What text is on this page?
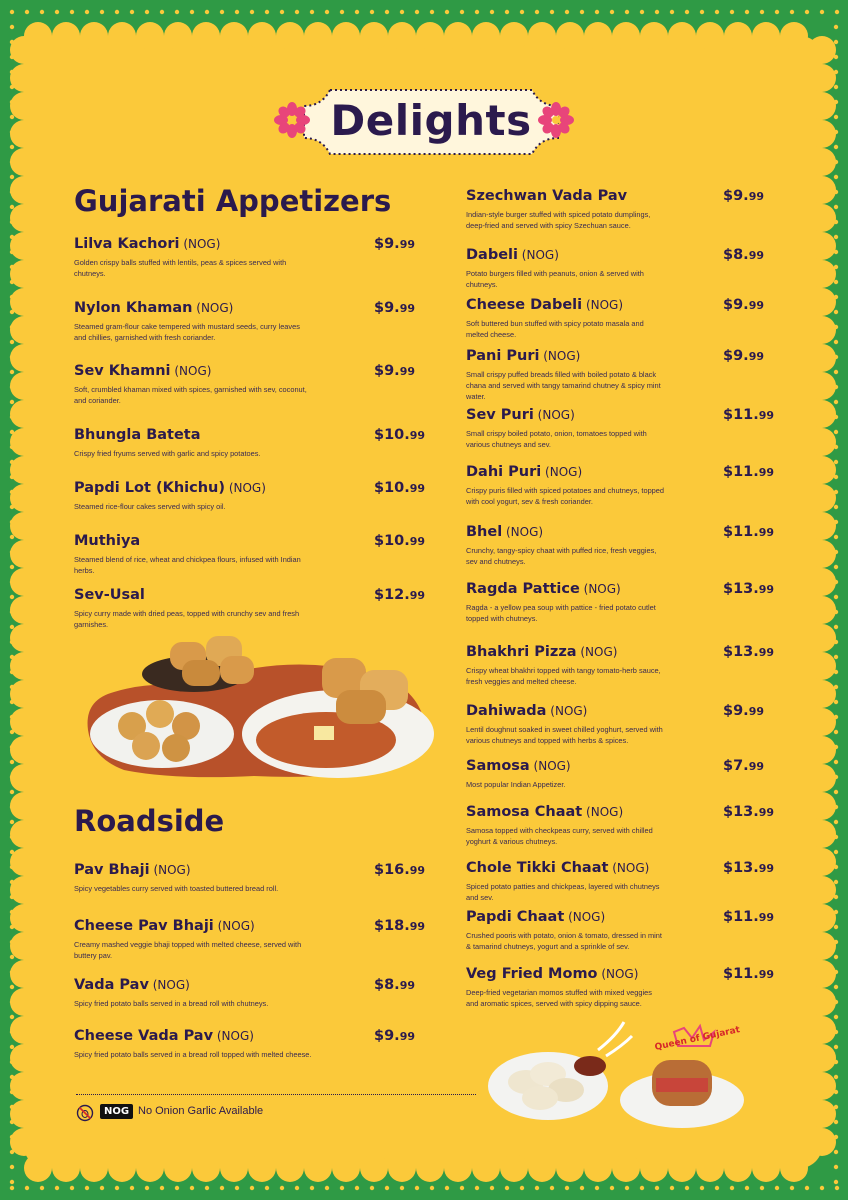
Delights
Gujarati Appetizers
Roadside
Lilva Kachori (NOG)	$9.99
Golden crispy balls stuffed with lentils, peas & spices served with chutneys.
Nylon Khaman (NOG)	$9.99
Steamed gram-flour cake tempered with mustard seeds, curry leaves and chillies, garnished with fresh coriander.
Sev Khamni (NOG)	$9.99
Soft, crumbled khaman mixed with spices, garnished with sev, coconut, and coriander.
Bhungla Bateta	$10.99
Crispy fried fryums served with garlic and spicy potatoes.
Papdi Lot (Khichu) (NOG)	$10.99
Steamed rice-flour cakes served with spicy oil.
Muthiya	$10.99
Steamed blend of rice, wheat and chickpea flours, infused with Indian herbs.
Sev-Usal	$12.99
Spicy curry made with dried peas, topped with crunchy sev and fresh garnishes.
Pav Bhaji (NOG)	$16.99
Spicy vegetables curry served with toasted buttered bread roll.
Cheese Pav Bhaji (NOG)	$18.99
Creamy mashed veggie bhaji topped with melted cheese, served with buttery pav.
Vada Pav (NOG)	$8.99
Spicy fried potato balls served in a bread roll with chutneys.
Cheese Vada Pav (NOG)	$9.99
Spicy fried potato balls served in a bread roll topped with melted cheese.
Szechwan Vada Pav	$9.99
Indian-style burger stuffed with spiced potato dumplings, deep-fried and served with spicy Szechuan sauce.
Dabeli (NOG)	$8.99
Potato burgers filled with peanuts, onion & served with chutneys.
Cheese Dabeli (NOG)	$9.99
Soft buttered bun stuffed with spicy potato masala and melted cheese.
Pani Puri (NOG)	$9.99
Small crispy puffed breads filled with boiled potato & black chana and served with tangy tamarind chutney & spicy mint water.
Sev Puri (NOG)	$11.99
Small crispy boiled potato, onion, tomatoes topped with various chutneys and sev.
Dahi Puri (NOG)	$11.99
Crispy puris filled with spiced potatoes and chutneys, topped with cool yogurt, sev & fresh coriander.
Bhel (NOG)	$11.99
Crunchy, tangy-spicy chaat with puffed rice, fresh veggies, sev and chutneys.
Ragda Pattice (NOG)	$13.99
Ragda - a yellow pea soup with pattice - fried potato cutlet topped with chutneys.
Bhakhri Pizza (NOG)	$13.99
Crispy wheat bhakhri topped with tangy tomato-herb sauce, fresh veggies and melted cheese.
Dahiwada (NOG)	$9.99
Lentil doughnut soaked in sweet chilled yoghurt, served with various chutneys and topped with herbs & spices.
Samosa (NOG)	$7.99
Most popular Indian Appetizer.
Samosa Chaat (NOG)	$13.99
Samosa topped with checkpeas curry, served with chilled yoghurt & various chutneys.
Chole Tikki Chaat (NOG)	$13.99
Spiced potato patties and chickpeas, layered with chutneys and sev.
Papdi Chaat (NOG)	$11.99
Crushed pooris with potato, onion & tomato, dressed in mint & tamarind chutneys, yogurt and a sprinkle of sev.
Veg Fried Momo (NOG)	$11.99
Deep-fried vegetarian momos stuffed with mixed veggies and aromatic spices, served with spicy dipping sauce.
Queen of Gujarat
NOG No Onion Garlic Available
